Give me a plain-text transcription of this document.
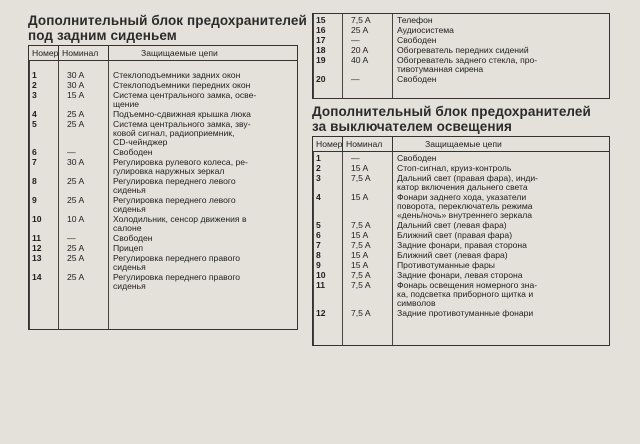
Дополнительный блок предохранителей
под задним сиденьем
Номер Номинал	Защищаемые цепи
1	30 A	Стеклоподъемники задних окон
2	30 A	Стеклоподъемники передних окон
3	15 A	Система центрального замка, осве-
щение
4	25 A	Подъемно-сдвижная крышка люка
5	25 A	Система центрального замка, зву-
ковой сигнал, радиоприемник,
CD-чейнджер
6	—	Свободен
7	30 A	Регулировка рулевого колеса, ре-
гулировка наружных зеркал
8	25 A	Регулировка переднего левого
сиденья
9	25 A	Регулировка переднего левого
сиденья
10	10 A	Холодильник, сенсор движения в
салоне
11	—	Свободен
12	25 A	Прицеп
13	25 A	Регулировка переднего правого
сиденья
14	25 A	Регулировка переднего правого
сиденья
15	7,5 A	Телефон
16	25 A	Аудиосистема
17	—	Свободен
18	20 A	Обогреватель передних сидений
19	40 A	Обогреватель заднего стекла, про-
тивотуманная сирена
20	—	Свободен
Дополнительный блок предохранителей
за выключателем освещения
Номер Номинал	Защищаемые цепи
1	—	Свободен
2	15 A	Стоп-сигнал, круиз-контроль
3	7,5 A	Дальний свет (правая фара), инди-
катор включения дальнего света
4	15 A	Фонари заднего хода, указатели
поворота, переключатель режима
«день/ночь» внутреннего зеркала
5	7,5 A	Дальний свет (левая фара)
6	15 A	Ближний свет (правая фара)
7	7,5 A	Задние фонари, правая сторона
8	15 A	Ближний свет (левая фара)
9	15 A	Противотуманные фары
10	7,5 A	Задние фонари, левая сторона
11	7,5 A	Фонарь освещения номерного зна-
ка, подсветка приборного щитка и
символов
12	7,5 A	Задние противотуманные фонари
